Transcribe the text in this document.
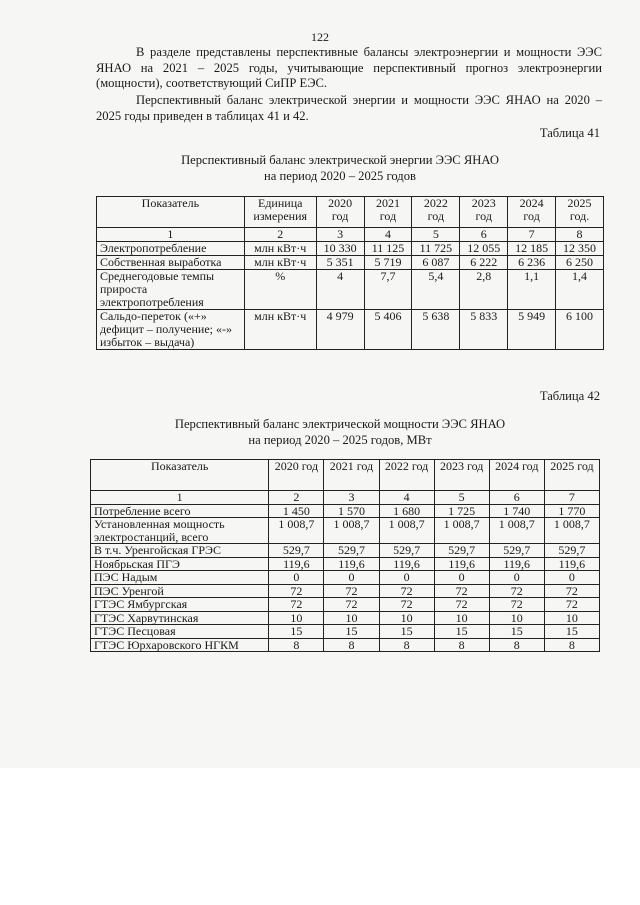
122
В разделе представлены перспективные балансы электроэнергии и мощности ЭЭС ЯНАО на 2021 – 2025 годы, учитывающие перспективный прогноз электроэнергии (мощности), соответствующий СиПР ЕЭС.
Перспективный баланс электрической энергии и мощности ЭЭС ЯНАО на 2020 – 2025 годы приведен в таблицах 41 и 42.
Таблица 41
Перспективный баланс электрической энергии ЭЭС ЯНАО
на период 2020 – 2025 годов
Показатель	Единица измерения	2020 год	2021 год	2022 год	2023 год	2024 год	2025 год.
1	2	3	4	5	6	7	8
Электропотребление	млн кВт·ч	10 330	11 125	11 725	12 055	12 185	12 350
Собственная выработка	млн кВт·ч	5 351	5 719	6 087	6 222	6 236	6 250
Среднегодовые темпы прироста электропотребления	%	4	7,7	5,4	2,8	1,1	1,4
Сальдо-переток («+» дефицит – получение; «-» избыток – выдача)	млн кВт·ч	4 979	5 406	5 638	5 833	5 949	6 100
Таблица 42
Перспективный баланс электрической мощности ЭЭС ЯНАО
на период 2020 – 2025 годов, МВт
Показатель	2020 год	2021 год	2022 год	2023 год	2024 год	2025 год
1	2	3	4	5	6	7
Потребление всего	1 450	1 570	1 680	1 725	1 740	1 770
Установленная мощность электростанций, всего	1 008,7	1 008,7	1 008,7	1 008,7	1 008,7	1 008,7
В т.ч. Уренгойская ГРЭС	529,7	529,7	529,7	529,7	529,7	529,7
Ноябрьская ПГЭ	119,6	119,6	119,6	119,6	119,6	119,6
ПЭС Надым	0	0	0	0	0	0
ПЭС Уренгой	72	72	72	72	72	72
ГТЭС Ямбургская	72	72	72	72	72	72
ГТЭС Харвутинская	10	10	10	10	10	10
ГТЭС Песцовая	15	15	15	15	15	15
ГТЭС Юрхаровского НГКМ	8	8	8	8	8	8
